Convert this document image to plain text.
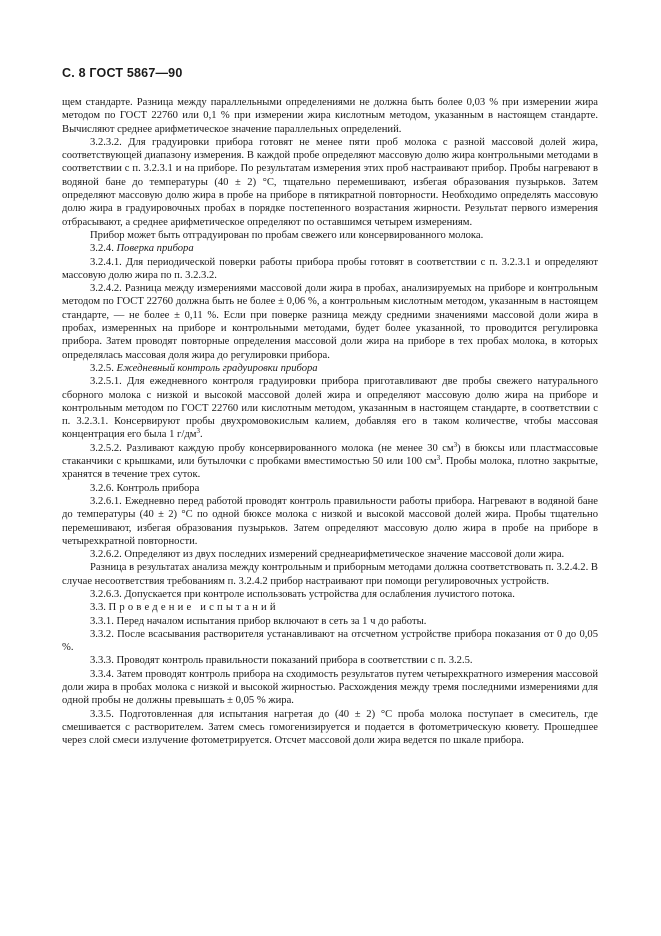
С. 8 ГОСТ 5867—90

щем стандарте. Разница между параллельными определениями не должна быть более 0,03 % при измерении жира методом по ГОСТ 22760 или 0,1 % при измерении жира кислотным методом, указанным в настоящем стандарте. Вычисляют среднее арифметическое значение параллельных определений.

3.2.3.2. Для градуировки прибора готовят не менее пяти проб молока с разной массовой долей жира, соответствующей диапазону измерения. В каждой пробе определяют массовую долю жира контрольными методами в соответствии с п. 3.2.3.1 и на приборе. По результатам измерения этих проб настраивают прибор. Пробы нагревают в водяной бане до температуры (40 ± 2) °С, тщательно перемешивают, избегая образования пузырьков. Затем определяют массовую долю жира в пробе на приборе в пятикратной повторности. Необходимо определять массовую долю жира в градуировочных пробах в порядке постепенного возрастания жирности. Результат первого измерения отбрасывают, а среднее арифметическое определяют по оставшимся четырем измерениям.

Прибор может быть отградуирован по пробам свежего или консервированного молока.

3.2.4. Поверка прибора

3.2.4.1. Для периодической поверки работы прибора пробы готовят в соответствии с п. 3.2.3.1 и определяют массовую долю жира по п. 3.2.3.2.

3.2.4.2. Разница между измерениями массовой доли жира в пробах, анализируемых на приборе и контрольным методом по ГОСТ 22760 должна быть не более ± 0,06 %, а контрольным кислотным методом, указанным в настоящем стандарте, — не более ± 0,11 %. Если при поверке разница между средними значениями массовой доли жира в пробах, измеренных на приборе и контрольными методами, будет более указанной, то проводится регулировка прибора. Затем проводят повторные определения массовой доли жира на приборе в тех пробах молока, в которых определялась массовая доля жира до регулировки прибора.

3.2.5. Ежедневный контроль градуировки прибора

3.2.5.1. Для ежедневного контроля градуировки прибора приготавливают две пробы свежего натурального сборного молока с низкой и высокой массовой долей жира и определяют массовую долю жира на приборе и контрольным методом по ГОСТ 22760 или кислотным методом, указанным в настоящем стандарте, в соответствии с п. 3.2.3.1. Консервируют пробы двухромовокислым калием, добавляя его в таком количестве, чтобы массовая концентрация его была 1 $г/дм^3$.

3.2.5.2. Разливают каждую пробу консервированного молока (не менее 30 $см^3$) в бюксы или пластмассовые стаканчики с крышками, или бутылочки с пробками вместимостью 50 или 100 $см^3$. Пробы молока, плотно закрытые, хранятся в течение трех суток.

3.2.6. Контроль прибора

3.2.6.1. Ежедневно перед работой проводят контроль правильности работы прибора. Нагревают в водяной бане до температуры (40 ± 2) °С по одной бюксе молока с низкой и высокой массовой долей жира. Пробы тщательно перемешивают, избегая образования пузырьков. Затем определяют массовую долю жира в пробе на приборе в четырехкратной повторности.

3.2.6.2. Определяют из двух последних измерений среднеарифметическое значение массовой доли жира.

Разница в результатах анализа между контрольным и приборным методами должна соответствовать п. 3.2.4.2. В случае несоответствия требованиям п. 3.2.4.2 прибор настраивают при помощи регулировочных устройств.

3.2.6.3. Допускается при контроле использовать устройства для ослабления лучистого потока.

3.3. Проведение испытаний

3.3.1. Перед началом испытания прибор включают в сеть за 1 ч до работы.

3.3.2. После всасывания растворителя устанавливают на отсчетном устройстве прибора показания от 0 до 0,05 %.

3.3.3. Проводят контроль правильности показаний прибора в соответствии с п. 3.2.5.

3.3.4. Затем проводят контроль прибора на сходимость результатов путем четырехкратного измерения массовой доли жира в пробах молока с низкой и высокой жирностью. Расхождения между тремя последними измерениями для одной пробы не должны превышать ± 0,05 % жира.

3.3.5. Подготовленная для испытания нагретая до (40 ± 2) °С проба молока поступает в смеситель, где смешивается с растворителем. Затем смесь гомогенизируется и подается в фотометрическую кювету. Прошедшее через слой смеси излучение фотометрируется. Отсчет массовой доли жира ведется по шкале прибора.
